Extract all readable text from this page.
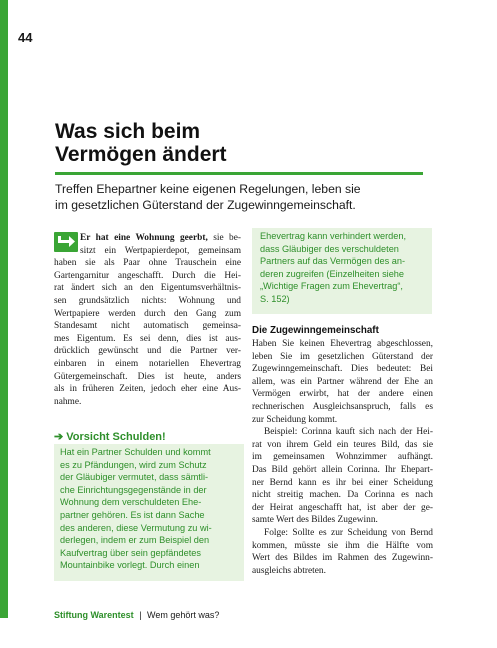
44
Was sich beim
Vermögen ändert
Treffen Ehepartner keine eigenen Regelungen, leben sie
im gesetzlichen Güterstand der Zugewinngemeinschaft.
Er hat eine Wohnung geerbt, sie be-
sitzt ein Wertpapierdepot, gemeinsam
haben sie als Paar ohne Trauschein eine
Gartengarnitur angeschafft. Durch die Hei-
rat ändert sich an den Eigentumsverhältnis-
sen grundsätzlich nichts: Wohnung und
Wertpapiere werden durch den Gang zum
Standesamt nicht automatisch gemeinsa-
mes Eigentum. Es sei denn, dies ist aus-
drücklich gewünscht und die Partner ver-
einbaren in einem notariellen Ehevertrag
Gütergemeinschaft. Dies ist heute, anders
als in früheren Zeiten, jedoch eher eine Aus-
nahme.
➔ Vorsicht Schulden!
Hat ein Partner Schulden und kommt
es zu Pfändungen, wird zum Schutz
der Gläubiger vermutet, dass sämtli-
che Einrichtungsgegenstände in der
Wohnung dem verschuldeten Ehe-
partner gehören. Es ist dann Sache
des anderen, diese Vermutung zu wi-
derlegen, indem er zum Beispiel den
Kaufvertrag über sein gepfändetes
Mountainbike vorlegt. Durch einen
Ehevertrag kann verhindert werden,
dass Gläubiger des verschuldeten
Partners auf das Vermögen des an-
deren zugreifen (Einzelheiten siehe
„Wichtige Fragen zum Ehevertrag“,
S. 152)
Die Zugewinngemeinschaft
Haben Sie keinen Ehevertrag abgeschlossen,
leben Sie im gesetzlichen Güterstand der
Zugewinngemeinschaft. Dies bedeutet: Bei
allem, was ein Partner während der Ehe an
Vermögen erwirbt, hat der andere einen
rechnerischen Ausgleichsanspruch, falls es
zur Scheidung kommt.
Beispiel: Corinna kauft sich nach der Hei-
rat von ihrem Geld ein teures Bild, das sie
im gemeinsamen Wohnzimmer aufhängt.
Das Bild gehört allein Corinna. Ihr Ehepart-
ner Bernd kann es ihr bei einer Scheidung
nicht streitig machen. Da Corinna es nach
der Heirat angeschafft hat, ist aber der ge-
samte Wert des Bildes Zugewinn.
Folge: Sollte es zur Scheidung von Bernd
kommen, müsste sie ihm die Hälfte vom
Wert des Bildes im Rahmen des Zugewinn-
ausgleichs abtreten.
Stiftung Warentest | Wem gehört was?
